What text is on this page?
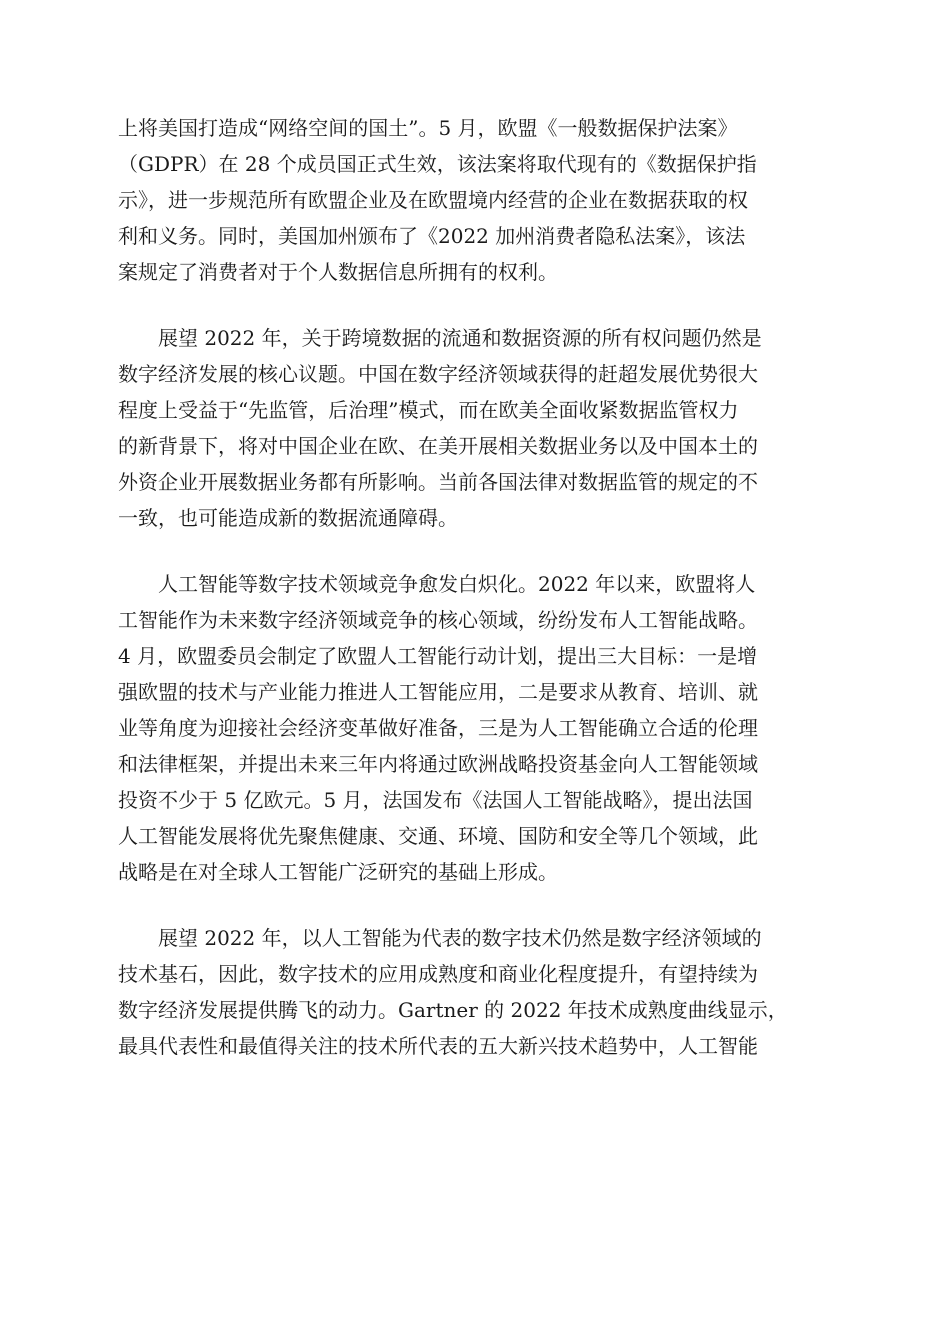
上将美国打造成“网络空间的国土”。5 月，欧盟《一般数据保护法案》
（GDPR）在 28 个成员国正式生效，该法案将取代现有的《数据保护指
示》，进一步规范所有欧盟企业及在欧盟境内经营的企业在数据获取的权
利和义务。同时，美国加州颁布了《2022 加州消费者隐私法案》，该法
案规定了消费者对于个人数据信息所拥有的权利。
展望 2022 年，关于跨境数据的流通和数据资源的所有权问题仍然是
数字经济发展的核心议题。中国在数字经济领域获得的赶超发展优势很大
程度上受益于“先监管，后治理”模式，而在欧美全面收紧数据监管权力
的新背景下，将对中国企业在欧、在美开展相关数据业务以及中国本土的
外资企业开展数据业务都有所影响。当前各国法律对数据监管的规定的不
一致，也可能造成新的数据流通障碍。
人工智能等数字技术领域竞争愈发白炽化。2022 年以来，欧盟将人
工智能作为未来数字经济领域竞争的核心领域，纷纷发布人工智能战略。
4 月，欧盟委员会制定了欧盟人工智能行动计划，提出三大目标：一是增
强欧盟的技术与产业能力推进人工智能应用，二是要求从教育、培训、就
业等角度为迎接社会经济变革做好准备，三是为人工智能确立合适的伦理
和法律框架，并提出未来三年内将通过欧洲战略投资基金向人工智能领域
投资不少于 5 亿欧元。5 月，法国发布《法国人工智能战略》，提出法国
人工智能发展将优先聚焦健康、交通、环境、国防和安全等几个领域，此
战略是在对全球人工智能广泛研究的基础上形成。
展望 2022 年，以人工智能为代表的数字技术仍然是数字经济领域的
技术基石，因此，数字技术的应用成熟度和商业化程度提升，有望持续为
数字经济发展提供腾飞的动力。Gartner 的 2022 年技术成熟度曲线显示，
最具代表性和最值得关注的技术所代表的五大新兴技术趋势中，人工智能
